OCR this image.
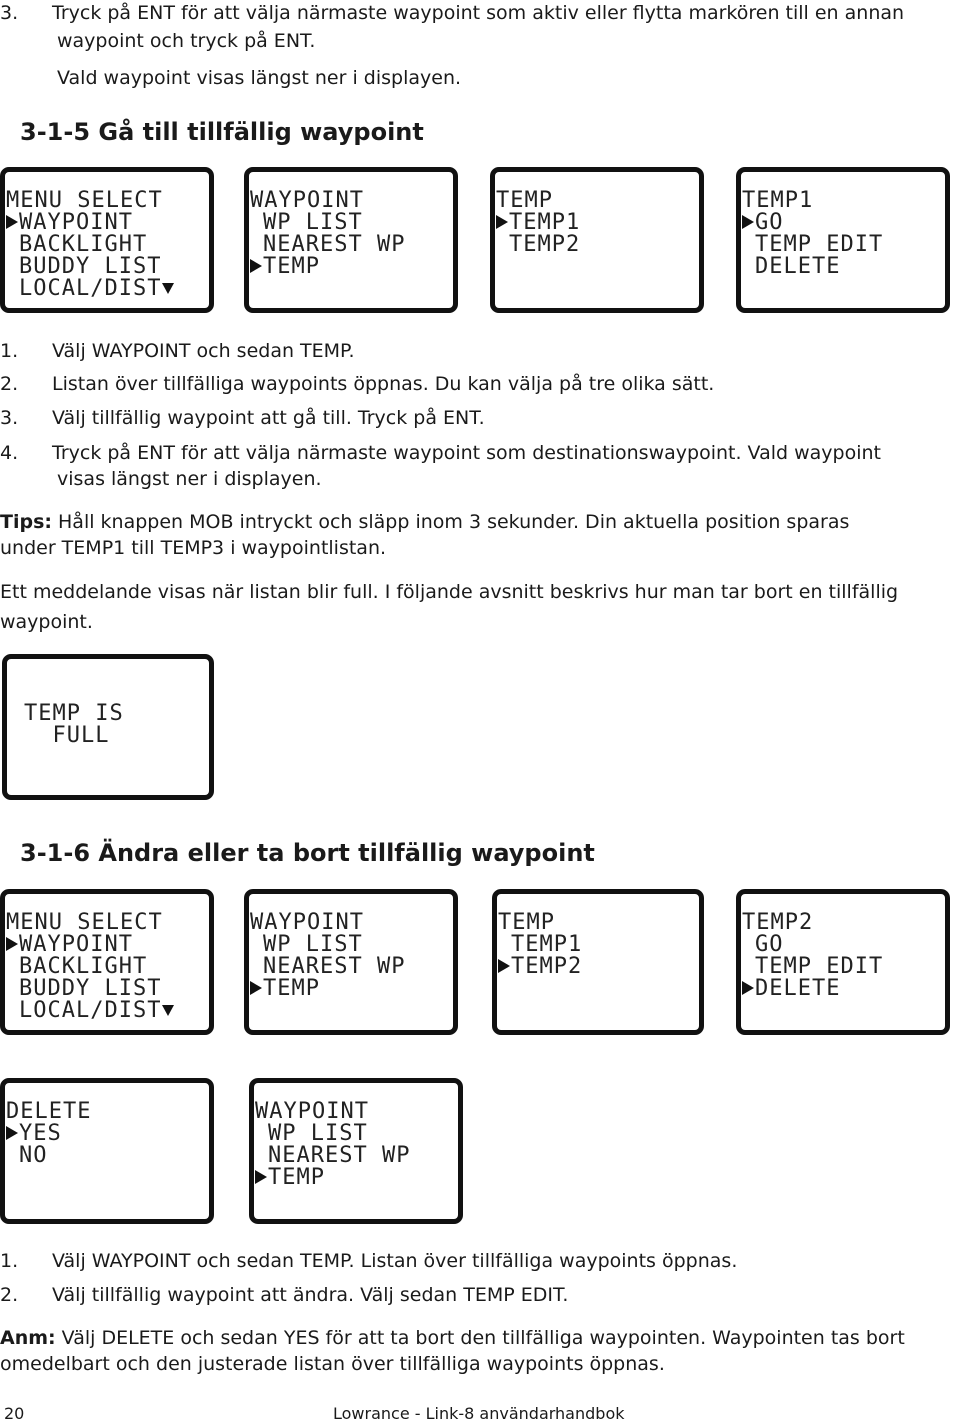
3. Tryck på ENT för att välja närmaste waypoint som aktiv eller flytta markören till en annan
waypoint och tryck på ENT.
Vald waypoint visas längst ner i displayen.
3-1-5 Gå till tillfällig waypoint
MENU SELECT
WAYPOINT
BACKLIGHT
BUDDY LIST
LOCAL/DIST
WAYPOINT
WP LIST
NEAREST WP
TEMP
TEMP
TEMP1
TEMP2
TEMP1
GO
TEMP EDIT
DELETE
1. Välj WAYPOINT och sedan TEMP.
2. Listan över tillfälliga waypoints öppnas. Du kan välja på tre olika sätt.
3. Välj tillfällig waypoint att gå till. Tryck på ENT.
4. Tryck på ENT för att välja närmaste waypoint som destinationswaypoint. Vald waypoint
visas längst ner i displayen.
Tips: Håll knappen MOB intryckt och släpp inom 3 sekunder. Din aktuella position sparas
under TEMP1 till TEMP3 i waypointlistan.
Ett meddelande visas när listan blir full. I följande avsnitt beskrivs hur man tar bort en tillfällig
waypoint.
TEMP IS
FULL
3-1-6 Ändra eller ta bort tillfällig waypoint
MENU SELECT
WAYPOINT
BACKLIGHT
BUDDY LIST
LOCAL/DIST
WAYPOINT
WP LIST
NEAREST WP
TEMP
TEMP
TEMP1
TEMP2
TEMP2
GO
TEMP EDIT
DELETE
DELETE
YES
NO
WAYPOINT
WP LIST
NEAREST WP
TEMP
1. Välj WAYPOINT och sedan TEMP. Listan över tillfälliga waypoints öppnas.
2. Välj tillfällig waypoint att ändra. Välj sedan TEMP EDIT.
Anm: Välj DELETE och sedan YES för att ta bort den tillfälliga waypointen. Waypointen tas bort
omedelbart och den justerade listan över tillfälliga waypoints öppnas.
20	Lowrance - Link-8 användarhandbok
